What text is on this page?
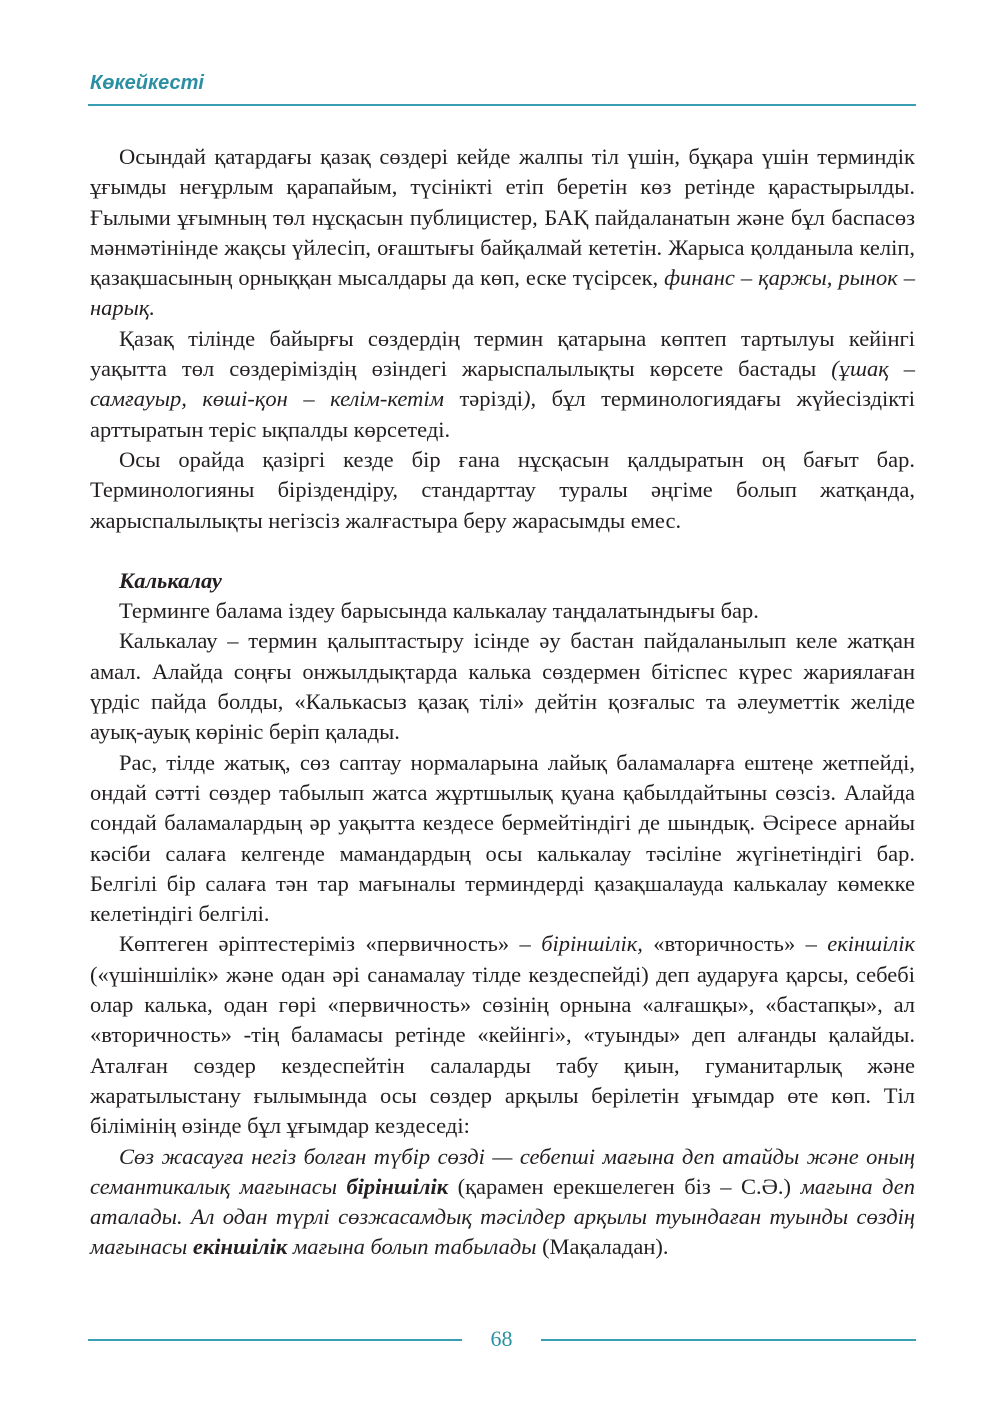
Көкейкесті

Осындай қатардағы қазақ сөздері кейде жалпы тіл үшін, бұқара үшін терминдік ұғымды неғұрлым қарапайым, түсінікті етіп беретін көз ретінде қарастырылды. Ғылыми ұғымның төл нұсқасын публицистер, БАҚ пайдаланатын және бұл баспасөз мәнмәтінінде жақсы үйлесіп, оғаштығы байқалмай кететін. Жарыса қолданыла келіп, қазақшасының орныққан мысалдары да көп, еске түсірсек, финанс – қаржы, рынок – нарық.

Қазақ тілінде байырғы сөздердің термин қатарына көптеп тартылуы кейінгі уақытта төл сөздеріміздің өзіндегі жарыспалылықты көрсете бастады (ұшақ – самғауыр, көші-қон – келім-кетім тәрізді), бұл терминологиядағы жүйесіздікті арттыратын теріс ықпалды көрсетеді.

Осы орайда қазіргі кезде бір ғана нұсқасын қалдыратын оң бағыт бар. Терминологияны біріздендіру, стандарттау туралы әңгіме болып жатқанда, жарыспалылықты негізсіз жалғастыра беру жарасымды емес.

Калькалау

Терминге балама іздеу барысында калькалау таңдалатындығы бар.

Калькалау – термин қалыптастыру ісінде әу бастан пайдаланылып келе жатқан амал. Алайда соңғы онжылдықтарда калька сөздермен бітіспес күрес жариялаған үрдіс пайда болды, «Калькасыз қазақ тілі» дейтін қозғалыс та әлеуметтік желіде ауық-ауық көрініс беріп қалады.

Рас, тілде жатық, сөз саптау нормаларына лайық баламаларға ештеңе жетпейді, ондай сәтті сөздер табылып жатса жұртшылық қуана қабылдайтыны сөзсіз. Алайда сондай баламалардың әр уақытта кездесе бермейтіндігі де шындық. Әсіресе арнайы кәсіби салаға келгенде мамандардың осы калькалау тәсіліне жүгінетіндігі бар. Белгілі бір салаға тән тар мағыналы терминдерді қазақшалауда калькалау көмекке келетіндігі белгілі.

Көптеген әріптестеріміз «первичность» – біріншілік, «вторичность» – екіншілік («үшіншілік» және одан әрі санамалау тілде кездеспейді) деп аударуға қарсы, себебі олар калька, одан гөрі «первичность» сөзінің орнына «алғашқы», «бастапқы», ал «вторичность» -тің баламасы ретінде «кейінгі», «туынды» деп алғанды қалайды. Аталған сөздер кездеспейтін салаларды табу қиын, гуманитарлық және жаратылыстану ғылымында осы сөздер арқылы берілетін ұғымдар өте көп. Тіл білімінің өзінде бұл ұғымдар кездеседі:

Сөз жасауға негіз болған түбір сөзді — себепші мағына деп атайды және оның семантикалық мағынасы біріншілік (қарамен ерекшелеген біз – С.Ә.) мағына деп аталады. Ал одан түрлі сөзжасамдық тәсілдер арқылы туындаған туынды сөздің мағынасы екіншілік мағына болып табылады (Мақаладан).

68
